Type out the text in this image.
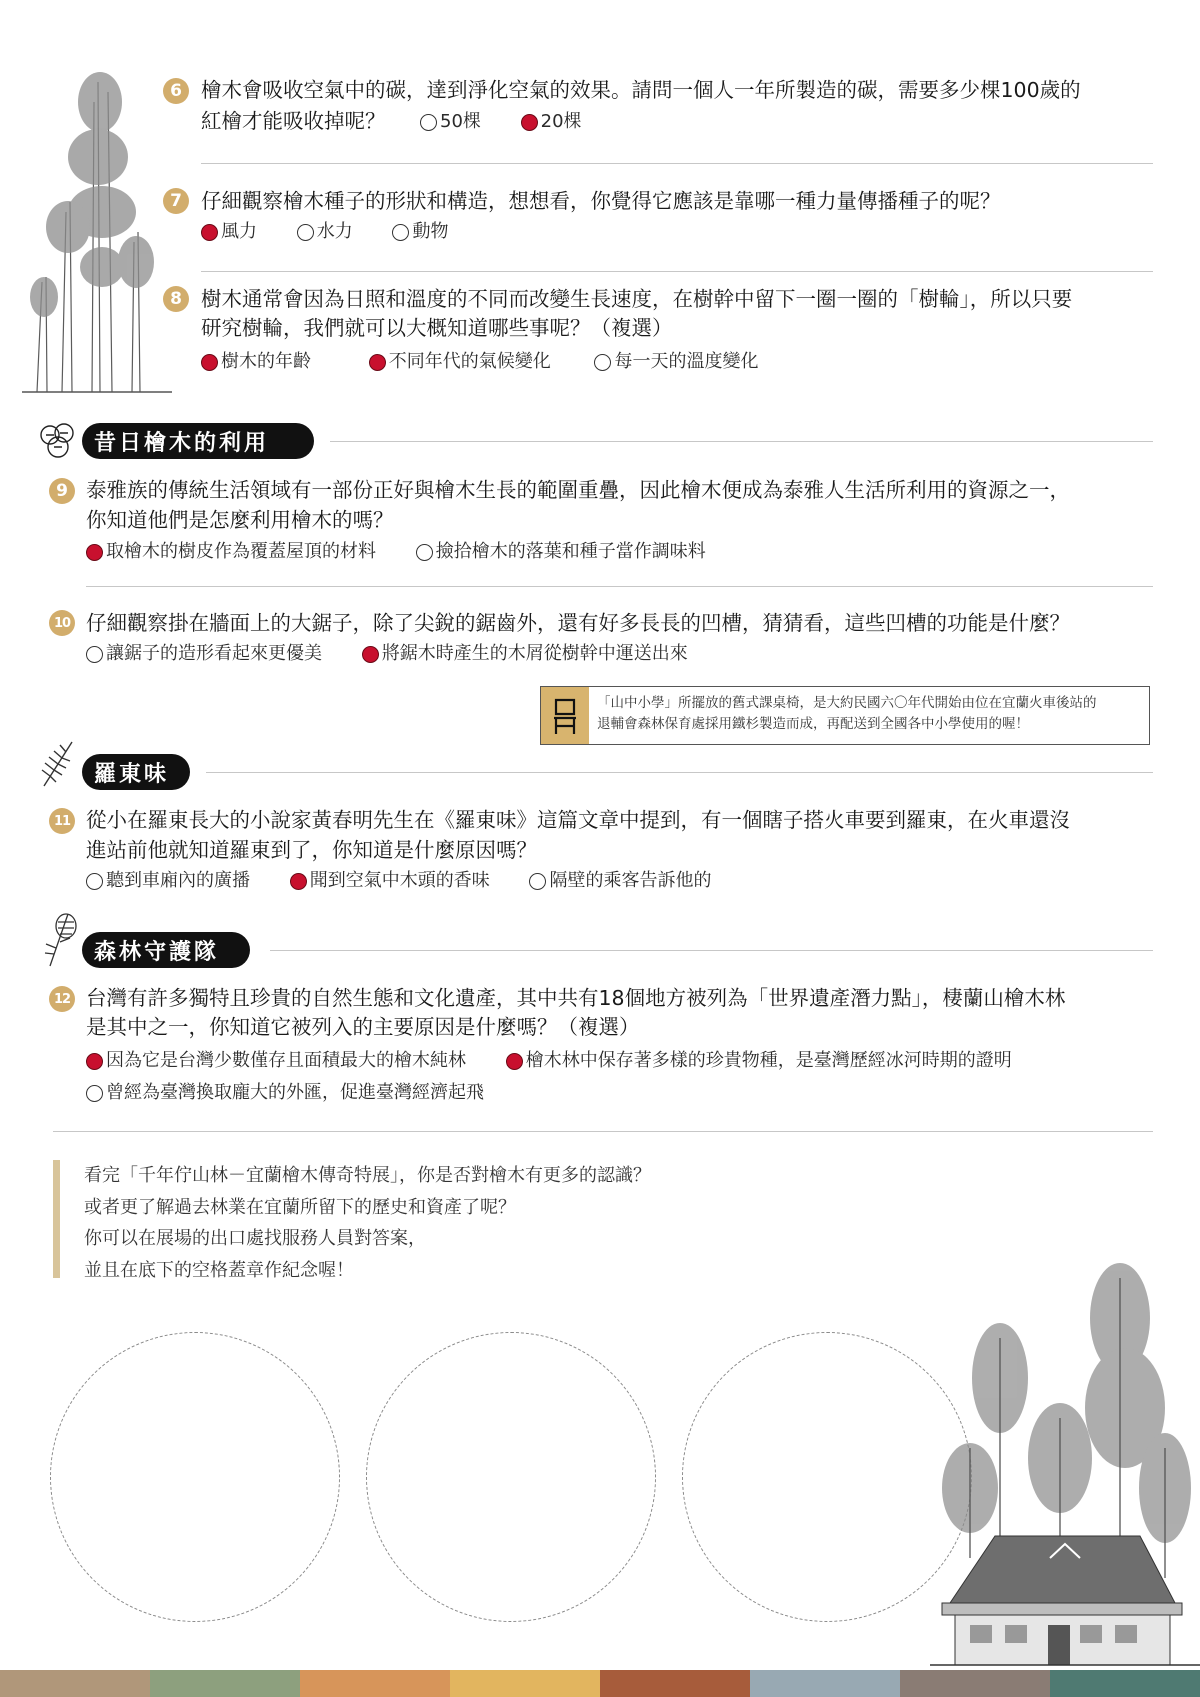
6 檜木會吸收空氣中的碳，達到淨化空氣的效果。請問一個人一年所製造的碳，需要多少棵100歲的
紅檜才能吸收掉呢？	50棵
	20棵
7 仔細觀察檜木種子的形狀和構造，想想看，你覺得它應該是靠哪一種力量傳播種子的呢？
風力
	水力
	動物
8 樹木通常會因為日照和溫度的不同而改變生長速度，在樹幹中留下一圈一圈的「樹輪」，所以只要
研究樹輪，我們就可以大概知道哪些事呢？（複選）
樹木的年齡
	不同年代的氣候變化
	每一天的溫度變化
昔日檜木的利用
9 泰雅族的傳統生活領域有一部份正好與檜木生長的範圍重疊，因此檜木便成為泰雅人生活所利用的資源之一，
你知道他們是怎麼利用檜木的嗎？
取檜木的樹皮作為覆蓋屋頂的材料
	撿拾檜木的落葉和種子當作調味料
10 仔細觀察掛在牆面上的大鋸子，除了尖銳的鋸齒外，還有好多長長的凹槽，猜猜看，這些凹槽的功能是什麼？
讓鋸子的造形看起來更優美
	將鋸木時產生的木屑從樹幹中運送出來
「山中小學」所擺放的舊式課桌椅，是大約民國六〇年代開始由位在宜蘭火車後站的
退輔會森林保育處採用鐵杉製造而成，再配送到全國各中小學使用的喔！
羅東味
11 從小在羅東長大的小說家黃春明先生在《羅東味》這篇文章中提到，有一個瞎子搭火車要到羅東，在火車還沒
進站前他就知道羅東到了，你知道是什麼原因嗎？
聽到車廂內的廣播
	聞到空氣中木頭的香味
	隔壁的乘客告訴他的
森林守護隊
12 台灣有許多獨特且珍貴的自然生態和文化遺產，其中共有18個地方被列為「世界遺產潛力點」，棲蘭山檜木林
是其中之一，你知道它被列入的主要原因是什麼嗎？（複選）
因為它是台灣少數僅存且面積最大的檜木純林
	檜木林中保存著多樣的珍貴物種，是臺灣歷經冰河時期的證明
曾經為臺灣換取龐大的外匯，促進臺灣經濟起飛
看完「千年佇山林－宜蘭檜木傳奇特展」，你是否對檜木有更多的認識？
或者更了解過去林業在宜蘭所留下的歷史和資產了呢？
你可以在展場的出口處找服務人員對答案，
並且在底下的空格蓋章作紀念喔！
